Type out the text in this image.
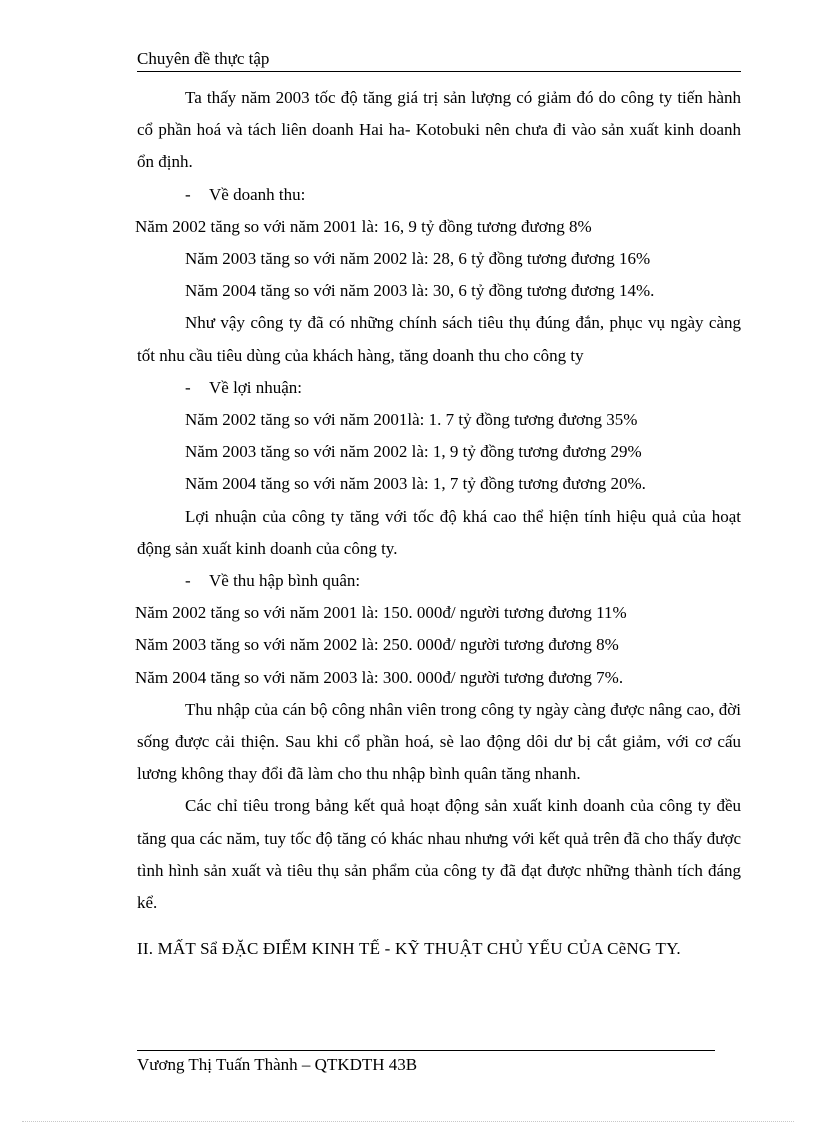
Chuyên đề thực tập

Ta thấy năm 2003 tốc độ tăng giá trị sản lượng có giảm đó do công ty tiến hành cổ phần hoá và tách liên doanh Hai ha- Kotobuki nên chưa đi vào sản xuất kinh doanh ổn định.

- Về doanh thu:

Năm 2002 tăng so với năm 2001 là: 16, 9 tỷ đồng tương đương 8%

Năm 2003 tăng so với năm 2002 là: 28, 6 tỷ đồng tương đương 16%

Năm 2004 tăng so với năm 2003 là: 30, 6 tỷ đồng tương đương 14%.

Như vậy công ty đã có những chính sách tiêu thụ đúng đắn, phục vụ ngày càng tốt nhu cầu tiêu dùng của khách hàng, tăng doanh thu cho công ty

- Về lợi nhuận:

Năm 2002 tăng so với năm 2001là: 1. 7 tỷ đồng tương đương 35%

Năm 2003 tăng so với năm 2002 là: 1, 9 tỷ đồng tương đương 29%

Năm 2004 tăng so với năm 2003 là: 1, 7 tỷ đồng tương đương 20%.

Lợi nhuận của công ty tăng với tốc độ khá cao thể hiện tính hiệu quả của hoạt động sản xuất kinh doanh của công ty.

- Về thu hập bình quân:

Năm 2002 tăng so với năm 2001 là: 150. 000đ/ người tương đương 11%

Năm 2003 tăng so với năm 2002 là: 250. 000đ/ người tương đương 8%

Năm 2004 tăng so với năm 2003 là: 300. 000đ/ người tương đương 7%.

Thu nhập của cán bộ công nhân viên trong công ty ngày càng được nâng cao, đời sống được cải thiện. Sau khi cổ phần hoá, sè lao động dôi dư bị cắt giảm, với cơ cấu lương không thay đổi đã làm cho thu nhập bình quân tăng nhanh.

Các chỉ tiêu trong bảng kết quả hoạt động sản xuất kinh doanh của công ty đều tăng qua các năm, tuy tốc độ tăng có khác nhau nhưng với kết quả trên đã cho thấy được tình hình sản xuất và tiêu thụ sản phẩm của công ty đã đạt được những thành tích đáng kể.

II. MẤT Sẩ ĐẶC ĐIỂM KINH TẾ - KỸ THUẬT CHỦ YẾU CỦA CẽNG TY.

Vương Thị Tuấn Thành – QTKDTH 43B
